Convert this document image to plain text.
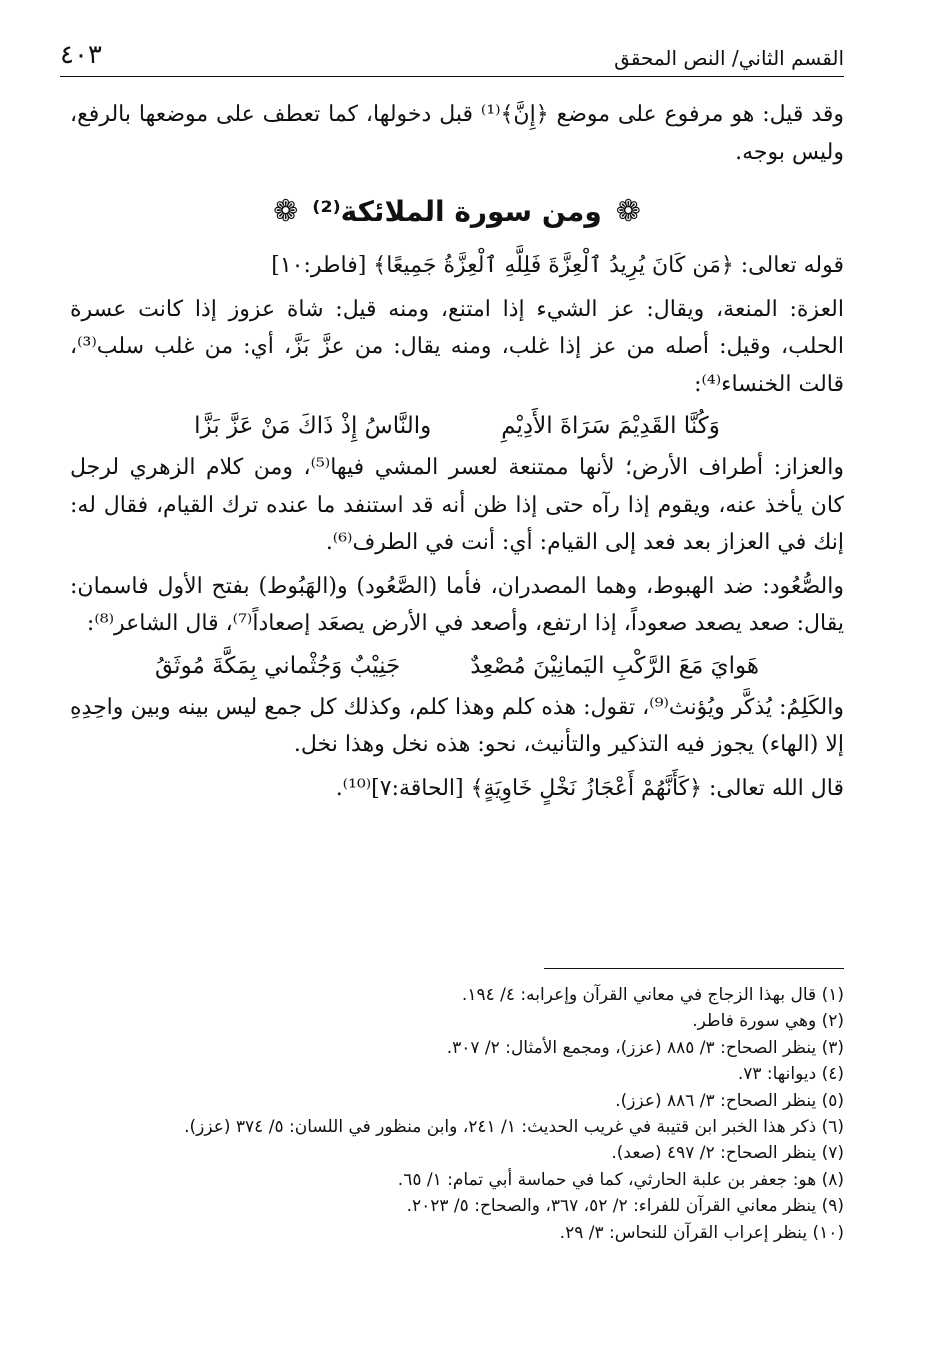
القسم الثاني/ النص المحقق
٤٠٣

وقد قيل: هو مرفوع على موضع ﴿إِنَّ﴾⁽¹⁾ قبل دخولها، كما تعطف على موضعها بالرفع، وليس بوجه.

❁
ومن سورة الملائكة⁽²⁾
❁

قوله تعالى: ﴿مَن كَانَ يُرِيدُ ٱلْعِزَّةَ فَلِلَّهِ ٱلْعِزَّةُ جَمِيعًا﴾ [فاطر:١٠]

العزة: المنعة، ويقال: عز الشيء إذا امتنع، ومنه قيل: شاة عزوز إذا كانت عسرة الحلب، وقيل: أصله من عز إذا غلب، ومنه يقال: من عزَّ بَزَّ، أي: من غلب سلب⁽³⁾، قالت الخنساء⁽⁴⁾:

وَكُنَّا القَدِيْمَ سَرَاةَ الأَدِيْمِ
والنَّاسُ إِذْ ذَاكَ مَنْ عَزَّ بَزَّا

والعزاز: أطراف الأرض؛ لأنها ممتنعة لعسر المشي فيها⁽⁵⁾، ومن كلام الزهري لرجل كان يأخذ عنه، ويقوم إذا رآه حتى إذا ظن أنه قد استنفد ما عنده ترك القيام، فقال له: إنك في العزاز بعد فعد إلى القيام: أي: أنت في الطرف⁽⁶⁾.

والصُّعُود: ضد الهبوط، وهما المصدران، فأما (الصَّعُود) و(الهَبُوط) بفتح الأول فاسمان: يقال: صعد يصعد صعوداً، إذا ارتفع، وأصعد في الأرض يصعَد إصعاداً⁽⁷⁾، قال الشاعر⁽⁸⁾:

هَوايَ مَعَ الرَّكْبِ اليَمانِيْنَ مُصْعِدٌ
جَنِيْبٌ وَجُثْماني بِمَكَّةَ مُوثَقُ

والكَلِمُ: يُذكَّر ويُؤنث⁽⁹⁾، تقول: هذه كلم وهذا كلم، وكذلك كل جمع ليس بينه وبين واحِدِهِ إلا (الهاء) يجوز فيه التذكير والتأنيث، نحو: هذه نخل وهذا نخل.

قال الله تعالى: ﴿كَأَنَّهُمْ أَعْجَازُ نَخْلٍ خَاوِيَةٍ﴾ [الحاقة:٧]⁽¹⁰⁾.

(١) قال بهذا الزجاج في معاني القرآن وإعرابه: ٤/ ١٩٤.
(٢) وهي سورة فاطر.
(٣) ينظر الصحاح: ٣/ ٨٨٥ (عزز)، ومجمع الأمثال: ٢/ ٣٠٧.
(٤) ديوانها: ٧٣.
(٥) ينظر الصحاح: ٣/ ٨٨٦ (عزز).
(٦) ذكر هذا الخبر ابن قتيبة في غريب الحديث: ١/ ٢٤١، وابن منظور في اللسان: ٥/ ٣٧٤ (عزز).
(٧) ينظر الصحاح: ٢/ ٤٩٧ (صعد).
(٨) هو: جعفر بن علبة الحارثي، كما في حماسة أبي تمام: ١/ ٦٥.
(٩) ينظر معاني القرآن للفراء: ٢/ ٥٢، ٣٦٧، والصحاح: ٥/ ٢٠٢٣.
(١٠) ينظر إعراب القرآن للنحاس: ٣/ ٢٩.
